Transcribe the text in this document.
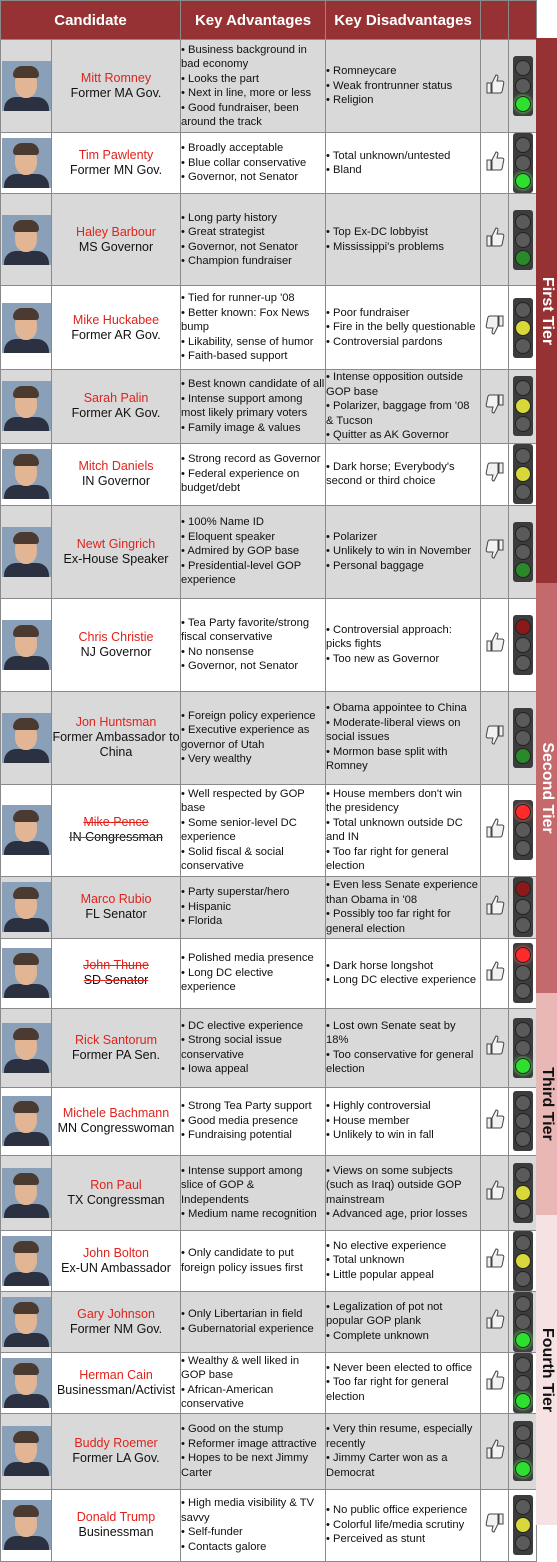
Candidate		Key Advantages	Key Disadvantages		

	Mitt Romney
Former MA Gov.	• Business background in bad economy
• Looks the part
• Next in line, more or less
• Good fundraiser, been around the track	• Romneycare
• Weak frontrunner status
• Religion

	Tim Pawlenty
Former MN Gov.	• Broadly acceptable
• Blue collar conservative
• Governor, not Senator	• Total unknown/untested
• Bland

	Haley Barbour
MS Governor	• Long party history
• Great strategist
• Governor, not Senator
• Champion fundraiser	• Top Ex-DC lobbyist
• Mississippi's problems

	Mike Huckabee
Former AR Gov.	• Tied for runner-up '08
• Better known: Fox News bump
• Likability, sense of humor
• Faith-based support	• Poor fundraiser
• Fire in the belly questionable
• Controversial pardons

	Sarah Palin
Former AK Gov.	• Best known candidate of all
• Intense support among most likely primary voters
• Family image & values	• Intense opposition outside GOP base
• Polarizer, baggage from '08 & Tucson
• Quitter as AK Governor

	Mitch Daniels
IN Governor	• Strong record as Governor
• Federal experience on budget/debt	• Dark horse; Everybody's second or third choice

	Newt Gingrich
Ex-House Speaker	• 100% Name ID
• Eloquent speaker
• Admired by GOP base
• Presidential-level GOP experience	• Polarizer
• Unlikely to win in November
• Personal baggage

	Chris Christie
NJ Governor	• Tea Party favorite/strong fiscal conservative
• No nonsense
• Governor, not Senator	• Controversial approach: picks fights
• Too new as Governor

	Jon Huntsman
Former Ambassador to China	• Foreign policy experience
• Executive experience as governor of Utah
• Very wealthy	• Obama appointee to China
• Moderate-liberal views on social issues
• Mormon base split with Romney

	Mike Pence
IN Congressman	• Well respected by GOP base
• Some senior-level DC experience
• Solid fiscal & social conservative	• House members don't win the presidency
• Total unknown outside DC and IN
• Too far right for general election

	Marco Rubio
FL Senator	• Party superstar/hero
• Hispanic
• Florida	• Even less Senate experience than Obama in '08
• Possibly too far right for general election

	John Thune
SD Senator	• Polished media presence
• Long DC elective experience	• Dark horse longshot
• Long DC elective experience

	Rick Santorum
Former PA Sen.	• DC elective experience
• Strong social issue conservative
• Iowa appeal	• Lost own Senate seat by 18%
• Too conservative for general election

	Michele Bachmann
MN Congresswoman	• Strong Tea Party support
• Good media presence
• Fundraising potential	• Highly controversial
• House member
• Unlikely to win in fall

	Ron Paul
TX Congressman	• Intense support among slice of GOP & Independents
• Medium name recognition	• Views on some subjects (such as Iraq) outside GOP mainstream
• Advanced age, prior losses

	John Bolton
Ex-UN Ambassador	• Only candidate to put foreign policy issues first	• No elective experience
• Total unknown
• Little popular appeal

	Gary Johnson
Former NM Gov.	• Only Libertarian in field
• Gubernatorial experience	• Legalization of pot not popular GOP plank
• Complete unknown

	Herman Cain
Businessman/Activist	• Wealthy & well liked in GOP base
• African-American conservative	• Never been elected to office
• Too far right for general election

	Buddy Roemer
Former LA Gov.	• Good on the stump
• Reformer image attractive
• Hopes to be next Jimmy Carter	• Very thin resume, especially recently
• Jimmy Carter won as a Democrat

	Donald Trump
Businessman	• High media visibility & TV savvy
• Self-funder
• Contacts galore	• No public office experience
• Colorful life/media scrutiny
• Perceived as stunt

First Tier
Second Tier
Third Tier
Fourth Tier
